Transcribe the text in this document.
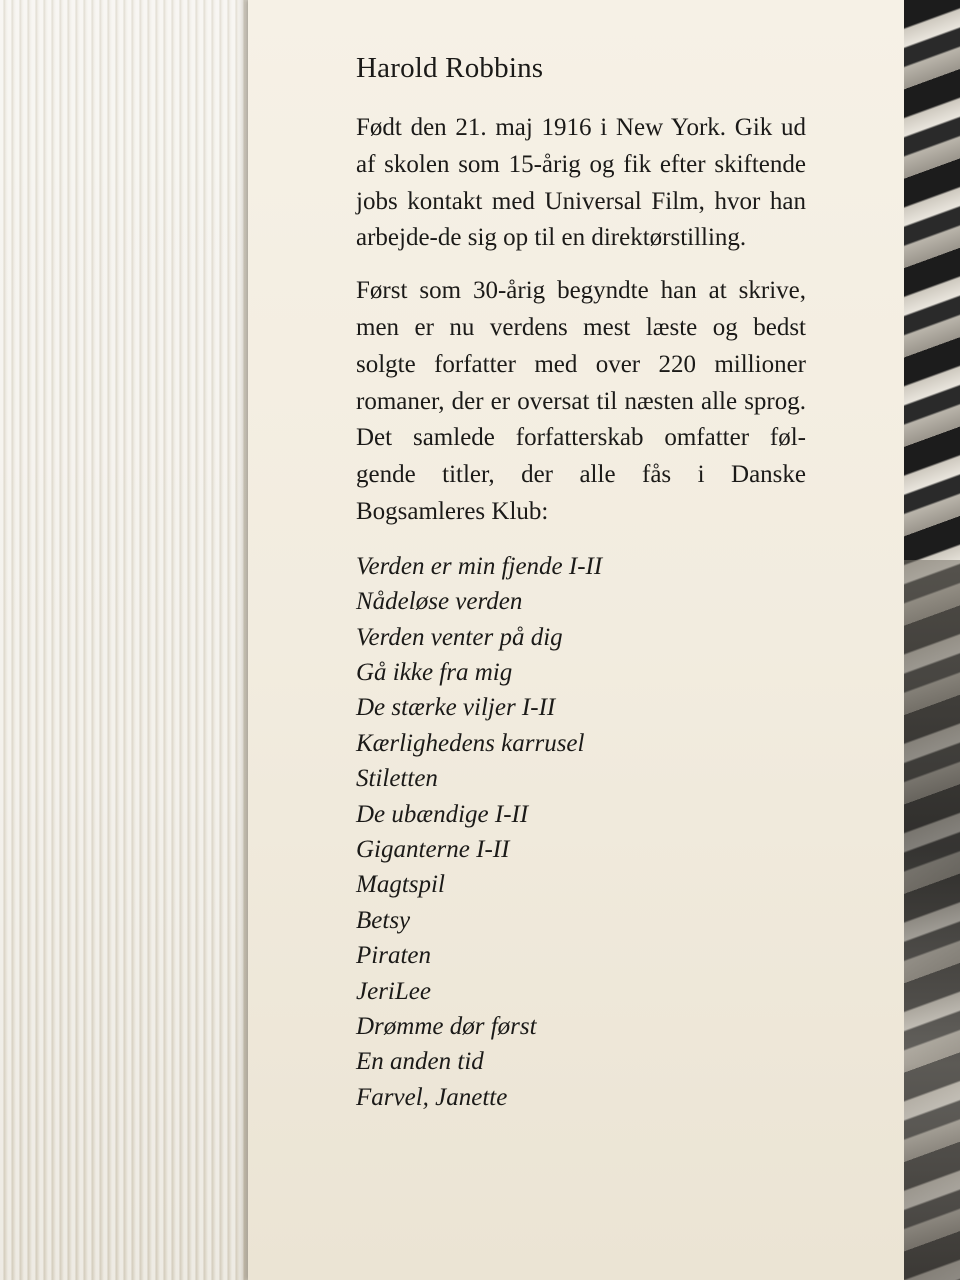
Harold Robbins

Født den 21. maj 1916 i New York. Gik ud af skolen som 15-årig og fik efter skiftende jobs kontakt med Universal Film, hvor han arbejde-de sig op til en direktørstilling.

Først som 30-årig begyndte han at skrive, men er nu verdens mest læste og bedst solgte forfatter med over 220 millioner romaner, der er oversat til næsten alle sprog. Det samlede forfatterskab omfatter føl-gende titler, der alle fås i Danske Bogsamleres Klub:

Verden er min fjende I-II
Nådeløse verden
Verden venter på dig
Gå ikke fra mig
De stærke viljer I-II
Kærlighedens karrusel
Stiletten
De ubændige I-II
Giganterne I-II
Magtspil
Betsy
Piraten
JeriLee
Drømme dør først
En anden tid
Farvel, Janette
